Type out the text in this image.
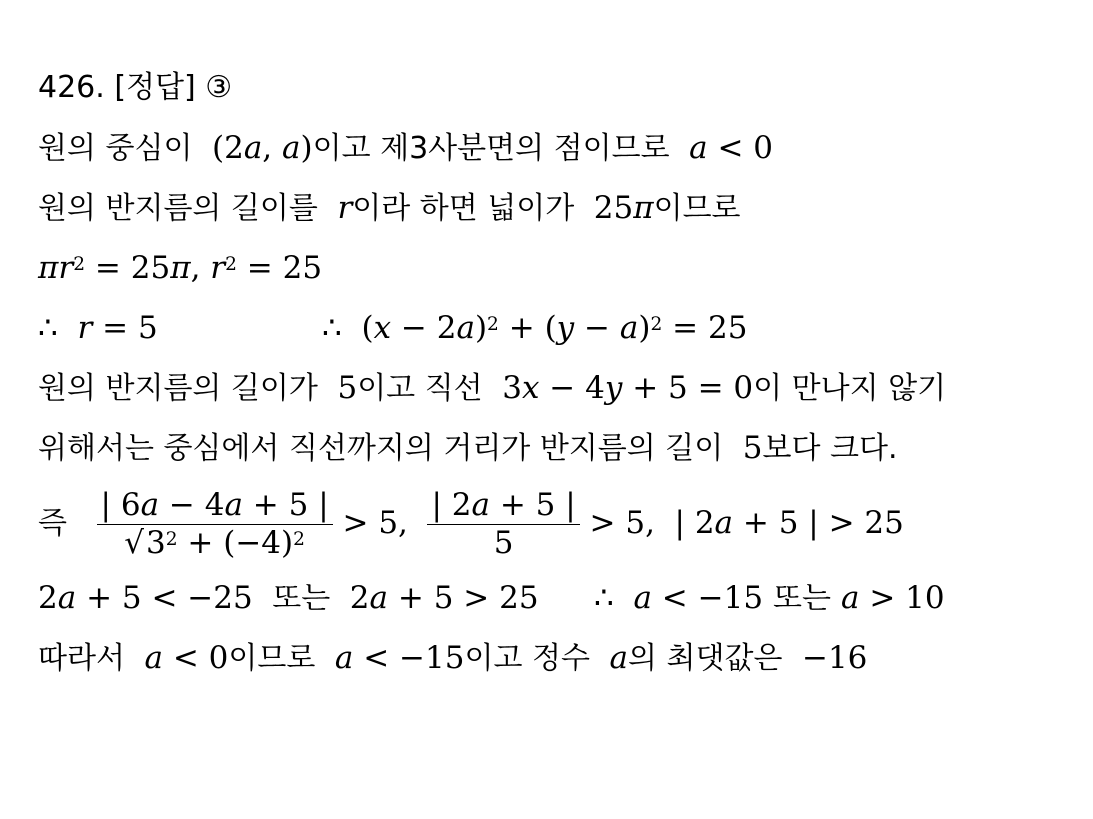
426. [정답] ③
원의 중심이 (2a, a)이고 제3사분면의 점이므로 a < 0
원의 반지름의 길이를 r이라 하면 넓이가 25π이므로
$\pi r^2 = 25\pi$, $r^2 = 25$
∴ r = 5	∴ $(x - 2a)^2 + (y - a)^2 = 25$
원의 반지름의 길이가 5이고 직선 3x − 4y + 5 = 0이 만나지 않기
위해서는 중심에서 직선까지의 거리가 반지름의 길이 5보다 크다.
즉 $\frac{| 6a - 4a + 5 |}{√3^2 + (-4)^2} > 5$, $\frac{| 2a + 5 |}{5} > 5$, | 2a + 5 | > 25
2a + 5 < −25 또는 2a + 5 > 25 ∴ a < −15 또는 a > 10
따라서 a < 0이므로 a < −15이고 정수 a의 최댓값은 −16
